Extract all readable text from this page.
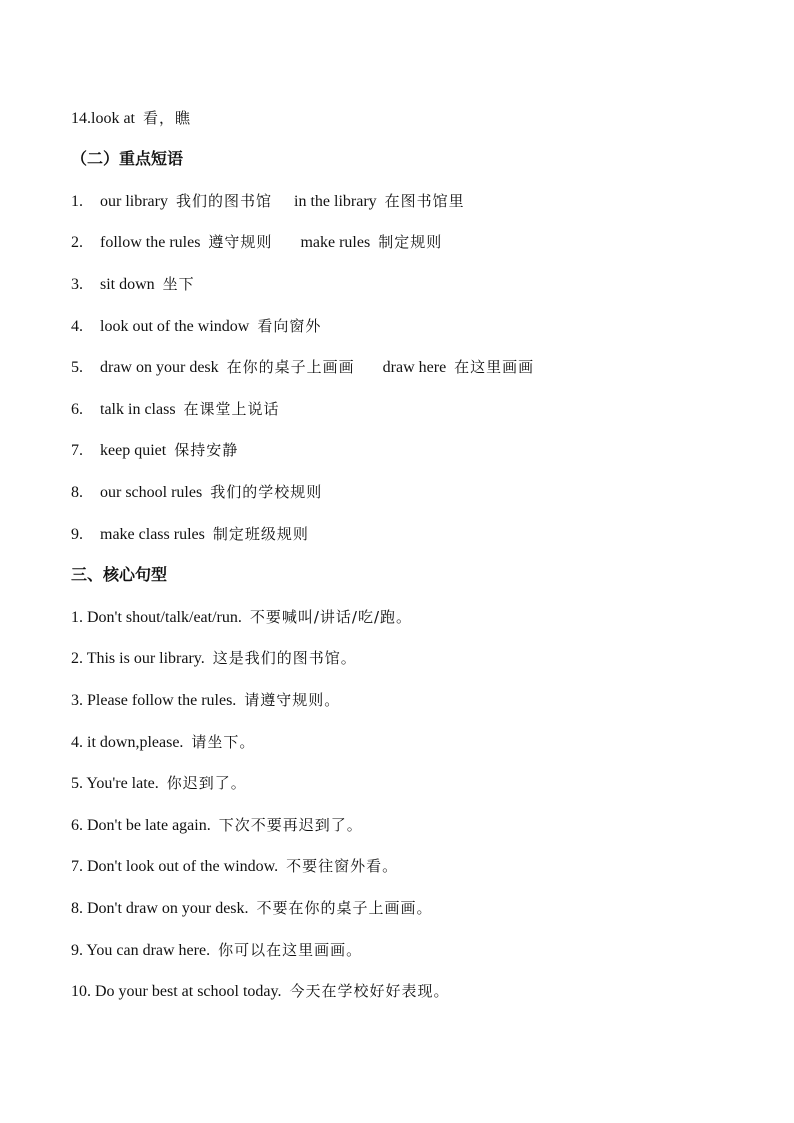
14.look at 看，瞧
（二）重点短语
1. our library 我们的图书馆 in the library 在图书馆里
2. follow the rules 遵守规则 make rules 制定规则
3. sit down 坐下
4. look out of the window 看向窗外
5. draw on your desk 在你的桌子上画画 draw here 在这里画画
6. talk in class 在课堂上说话
7. keep quiet 保持安静
8. our school rules 我们的学校规则
9. make class rules 制定班级规则
三、核心句型
1. Don't shout/talk/eat/run. 不要喊叫/讲话/吃/跑。
2. This is our library. 这是我们的图书馆。
3. Please follow the rules. 请遵守规则。
4. it down,please. 请坐下。
5. You're late. 你迟到了。
6. Don't be late again. 下次不要再迟到了。
7. Don't look out of the window. 不要往窗外看。
8. Don't draw on your desk. 不要在你的桌子上画画。
9. You can draw here. 你可以在这里画画。
10. Do your best at school today. 今天在学校好好表现。
